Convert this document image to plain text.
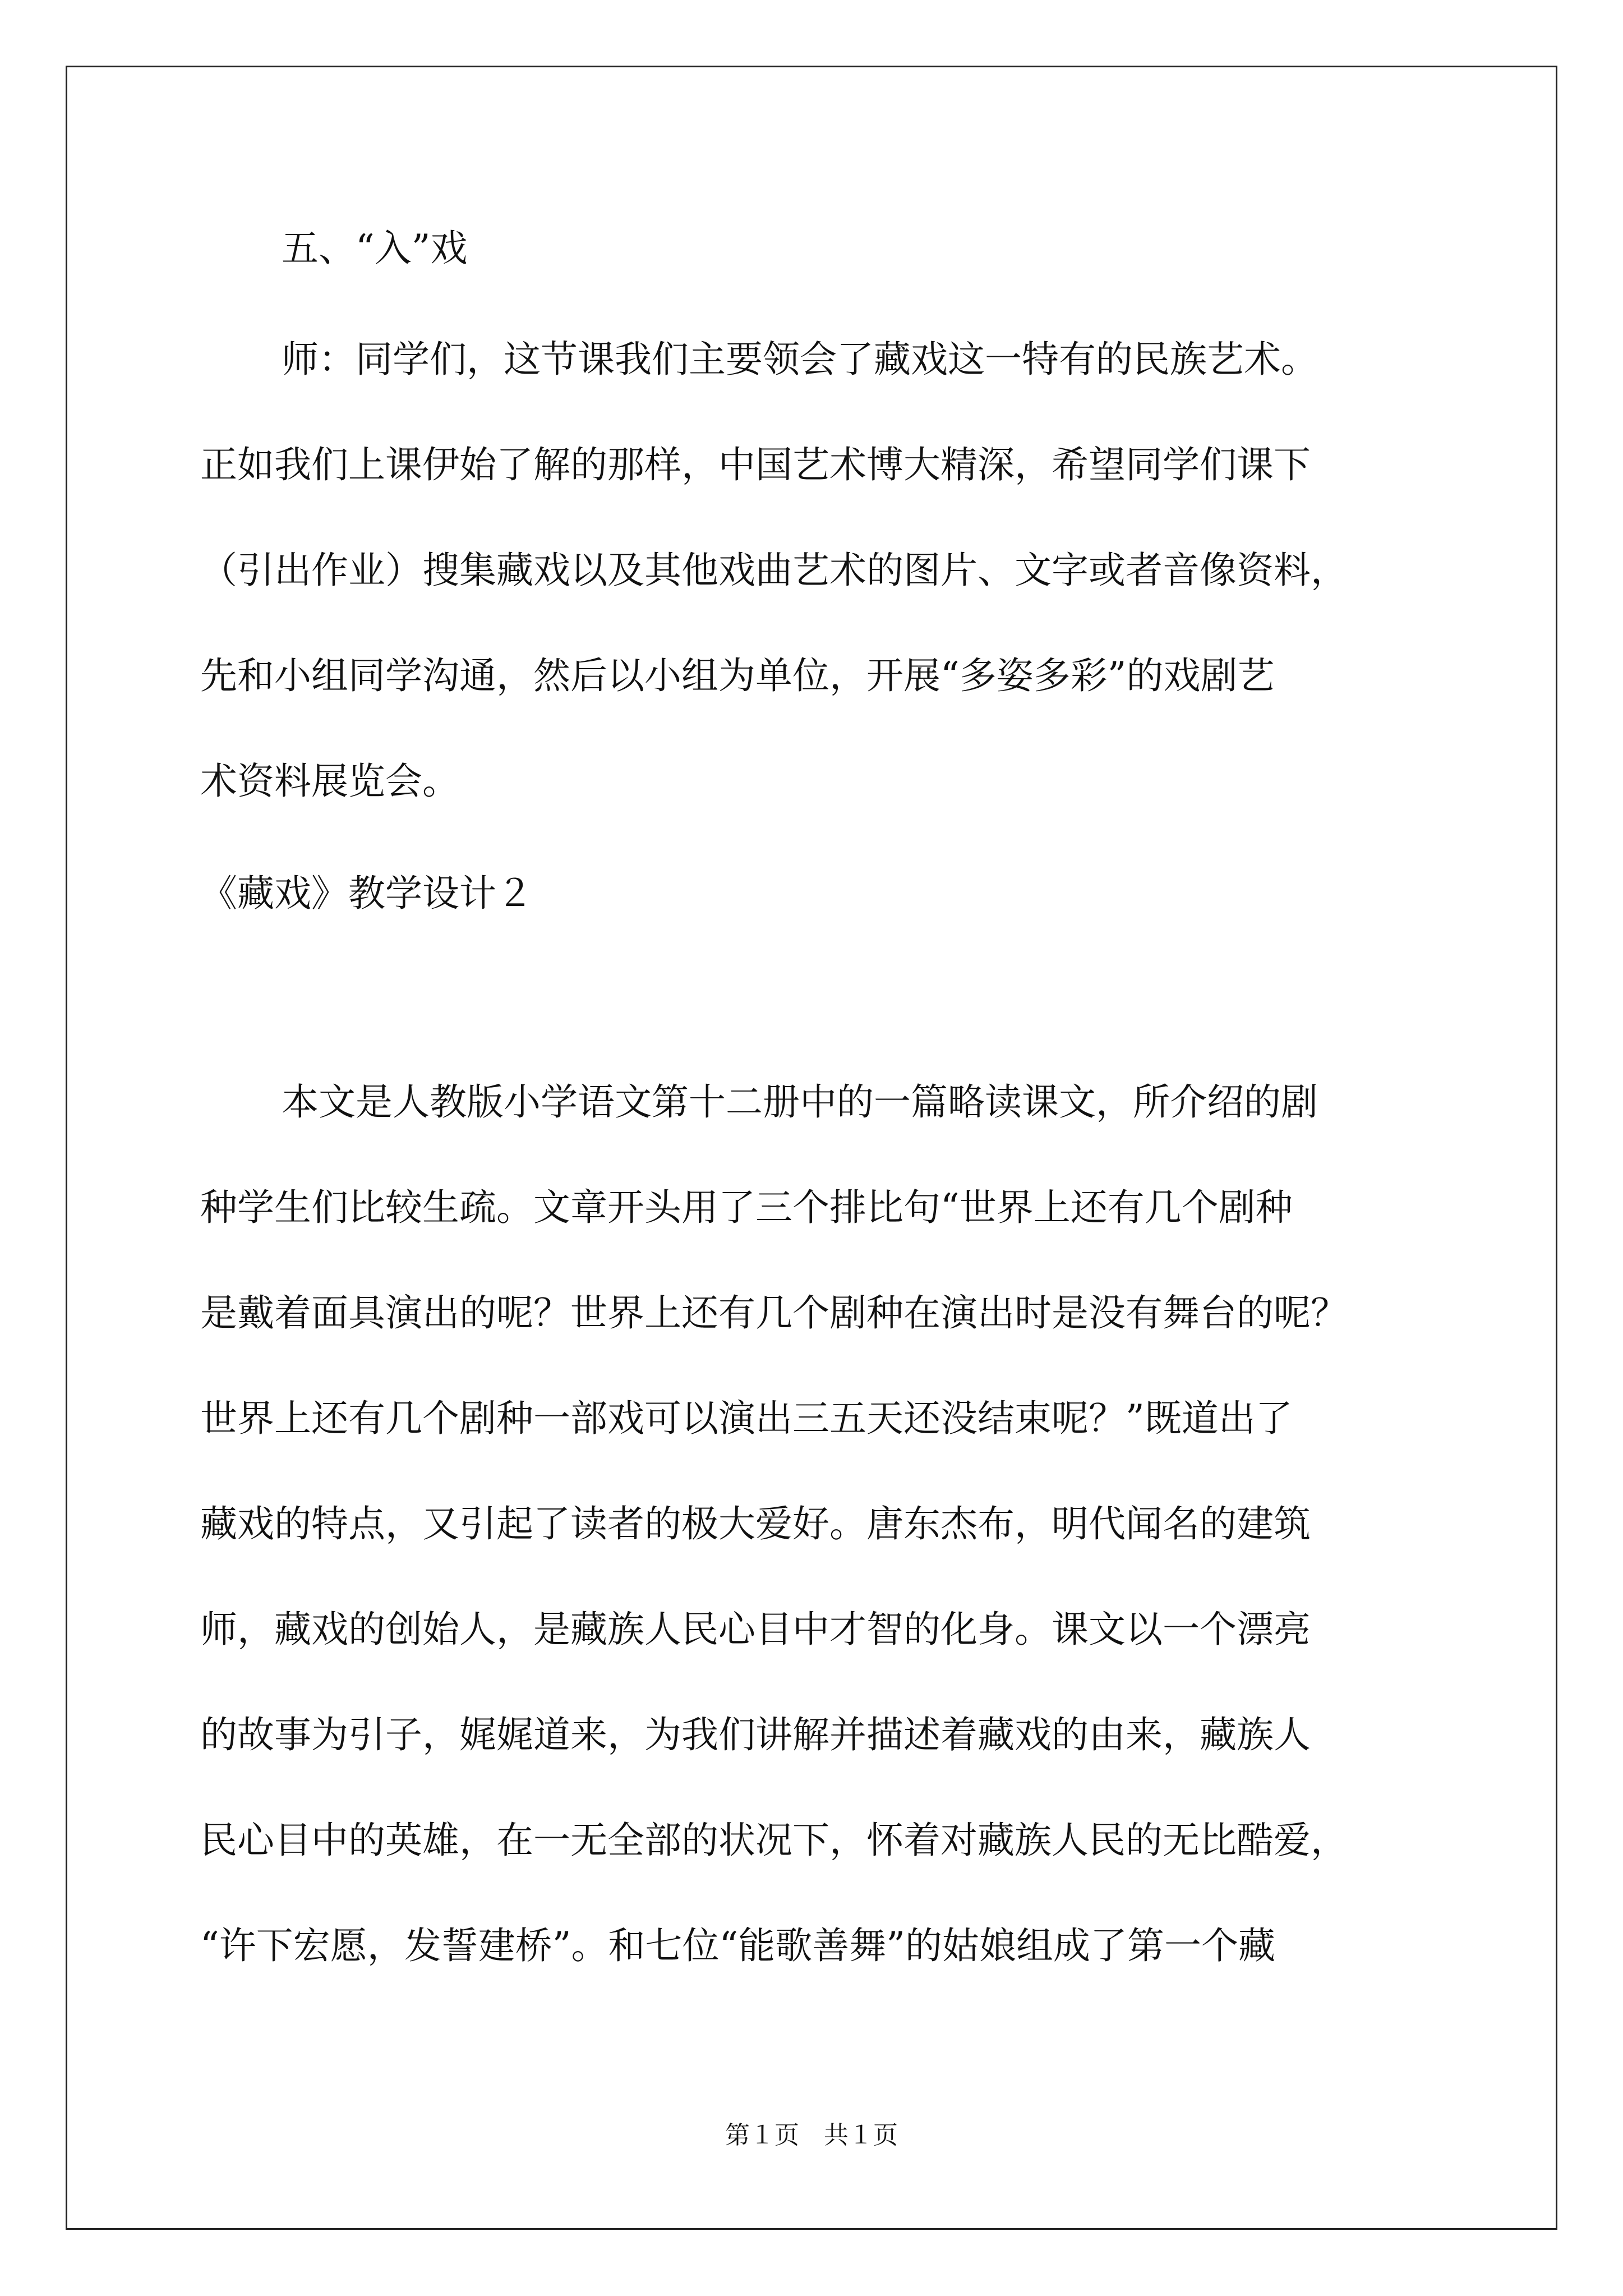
五、“入”戏
师：同学们，这节课我们主要领会了藏戏这一特有的民族艺术。
正如我们上课伊始了解的那样，中国艺术博大精深，希望同学们课下
（引出作业）搜集藏戏以及其他戏曲艺术的图片、文字或者音像资料，
先和小组同学沟通，然后以小组为单位，开展“多姿多彩”的戏剧艺
术资料展览会。
《藏戏》教学设计２
本文是人教版小学语文第十二册中的一篇略读课文，所介绍的剧
种学生们比较生疏。文章开头用了三个排比句“世界上还有几个剧种
是戴着面具演出的呢？世界上还有几个剧种在演出时是没有舞台的呢？
世界上还有几个剧种一部戏可以演出三五天还没结束呢？”既道出了
藏戏的特点，又引起了读者的极大爱好。唐东杰布，明代闻名的建筑
师，藏戏的创始人，是藏族人民心目中才智的化身。课文以一个漂亮
的故事为引子，娓娓道来，为我们讲解并描述着藏戏的由来，藏族人
民心目中的英雄，在一无全部的状况下，怀着对藏族人民的无比酷爱，
“许下宏愿，发誓建桥”。和七位“能歌善舞”的姑娘组成了第一个藏
第１页　共１页
